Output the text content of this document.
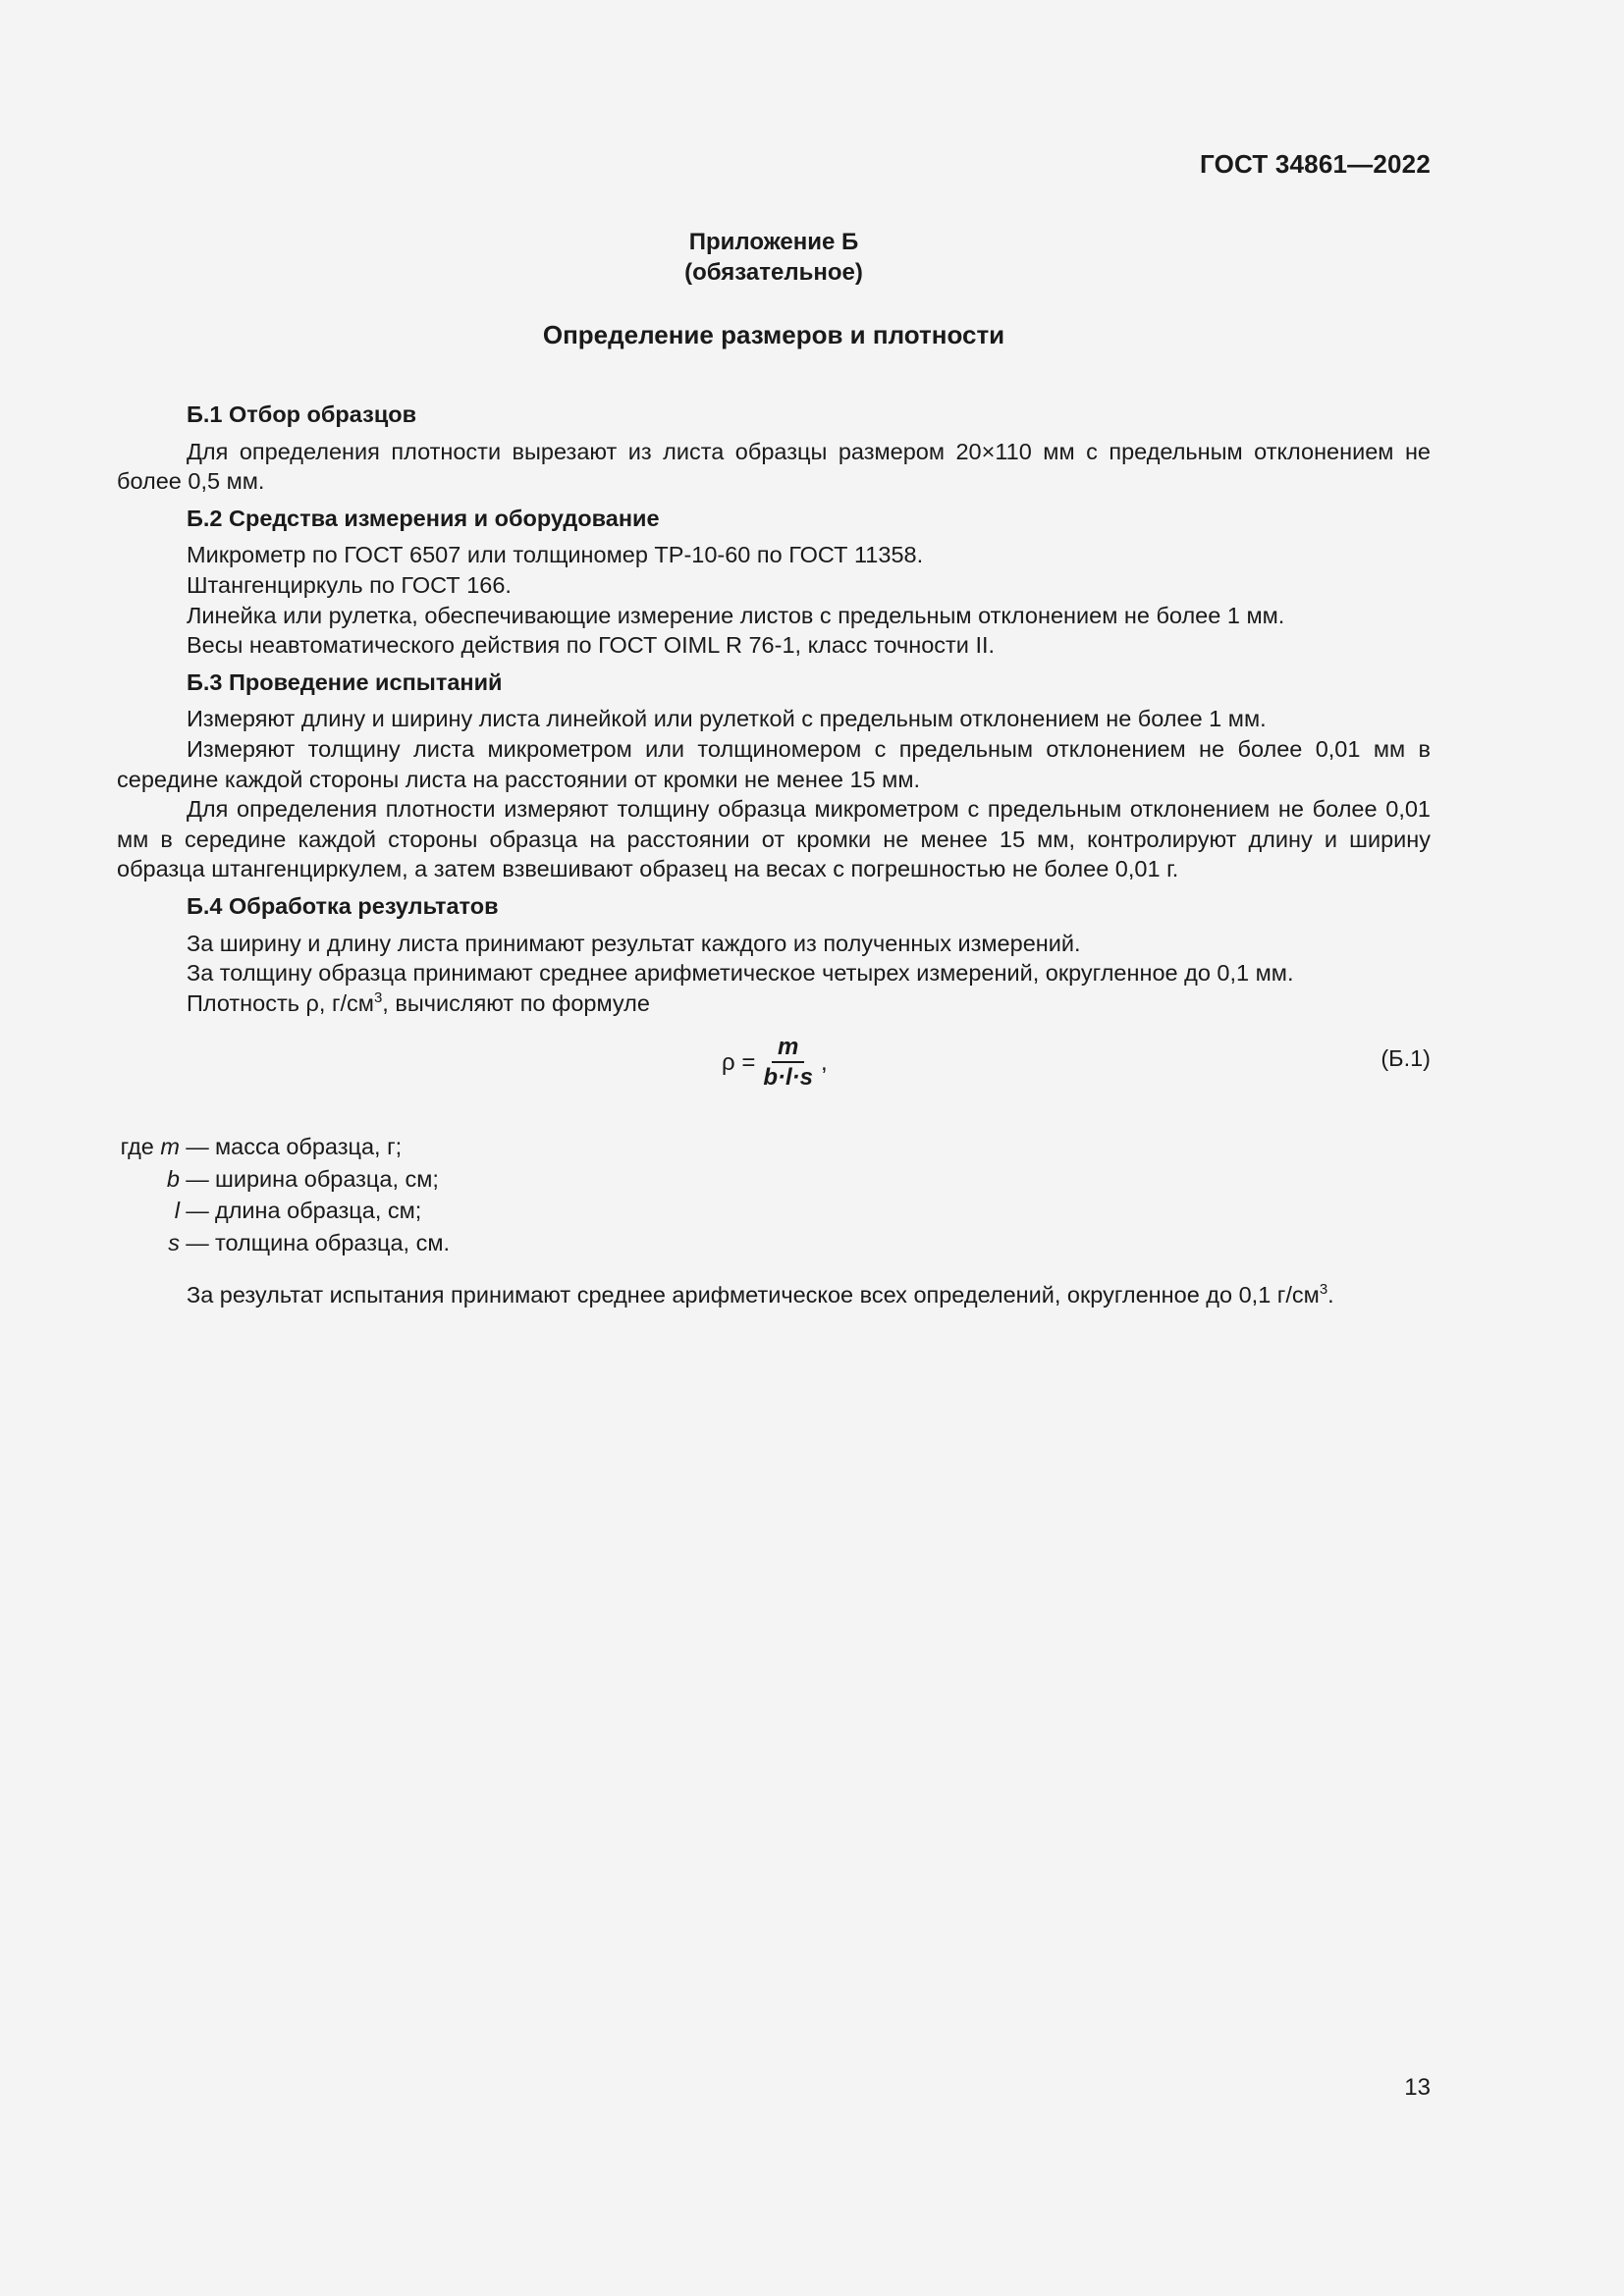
ГОСТ 34861—2022
Приложение Б
(обязательное)
Определение размеров и плотности

Б.1 Отбор образцов

Для определения плотности вырезают из листа образцы размером 20×110 мм с предельным отклонением не более 0,5 мм.

Б.2 Средства измерения и оборудование

Микрометр по ГОСТ 6507 или толщиномер ТР-10-60 по ГОСТ 11358.

Штангенциркуль по ГОСТ 166.

Линейка или рулетка, обеспечивающие измерение листов с предельным отклонением не более 1 мм.

Весы неавтоматического действия по ГОСТ OIML R 76-1, класс точности II.

Б.3 Проведение испытаний

Измеряют длину и ширину листа линейкой или рулеткой с предельным отклонением не более 1 мм.

Измеряют толщину листа микрометром или толщиномером с предельным отклонением не более 0,01 мм в середине каждой стороны листа на расстоянии от кромки не менее 15 мм.

Для определения плотности измеряют толщину образца микрометром с предельным отклонением не более 0,01 мм в середине каждой стороны образца на расстоянии от кромки не менее 15 мм, контролируют длину и ширину образца штангенциркулем, а затем взвешивают образец на весах с погрешностью не более 0,01 г.

Б.4 Обработка результатов

За ширину и длину листа принимают результат каждого из полученных измерений.

За толщину образца принимают среднее арифметическое четырех измерений, округленное до 0,1 мм.

Плотность ρ, $г/см^3$, вычисляют по формуле

$\rho = \frac{m}{b\cdot l\cdot s}$ ,	(Б.1)
где m — масса образца, г;
b — ширина образца, см;
l — длина образца, см;
s — толщина образца, см.

За результат испытания принимают среднее арифметическое всех определений, округленное до 0,1 $г/см^3$.

13
